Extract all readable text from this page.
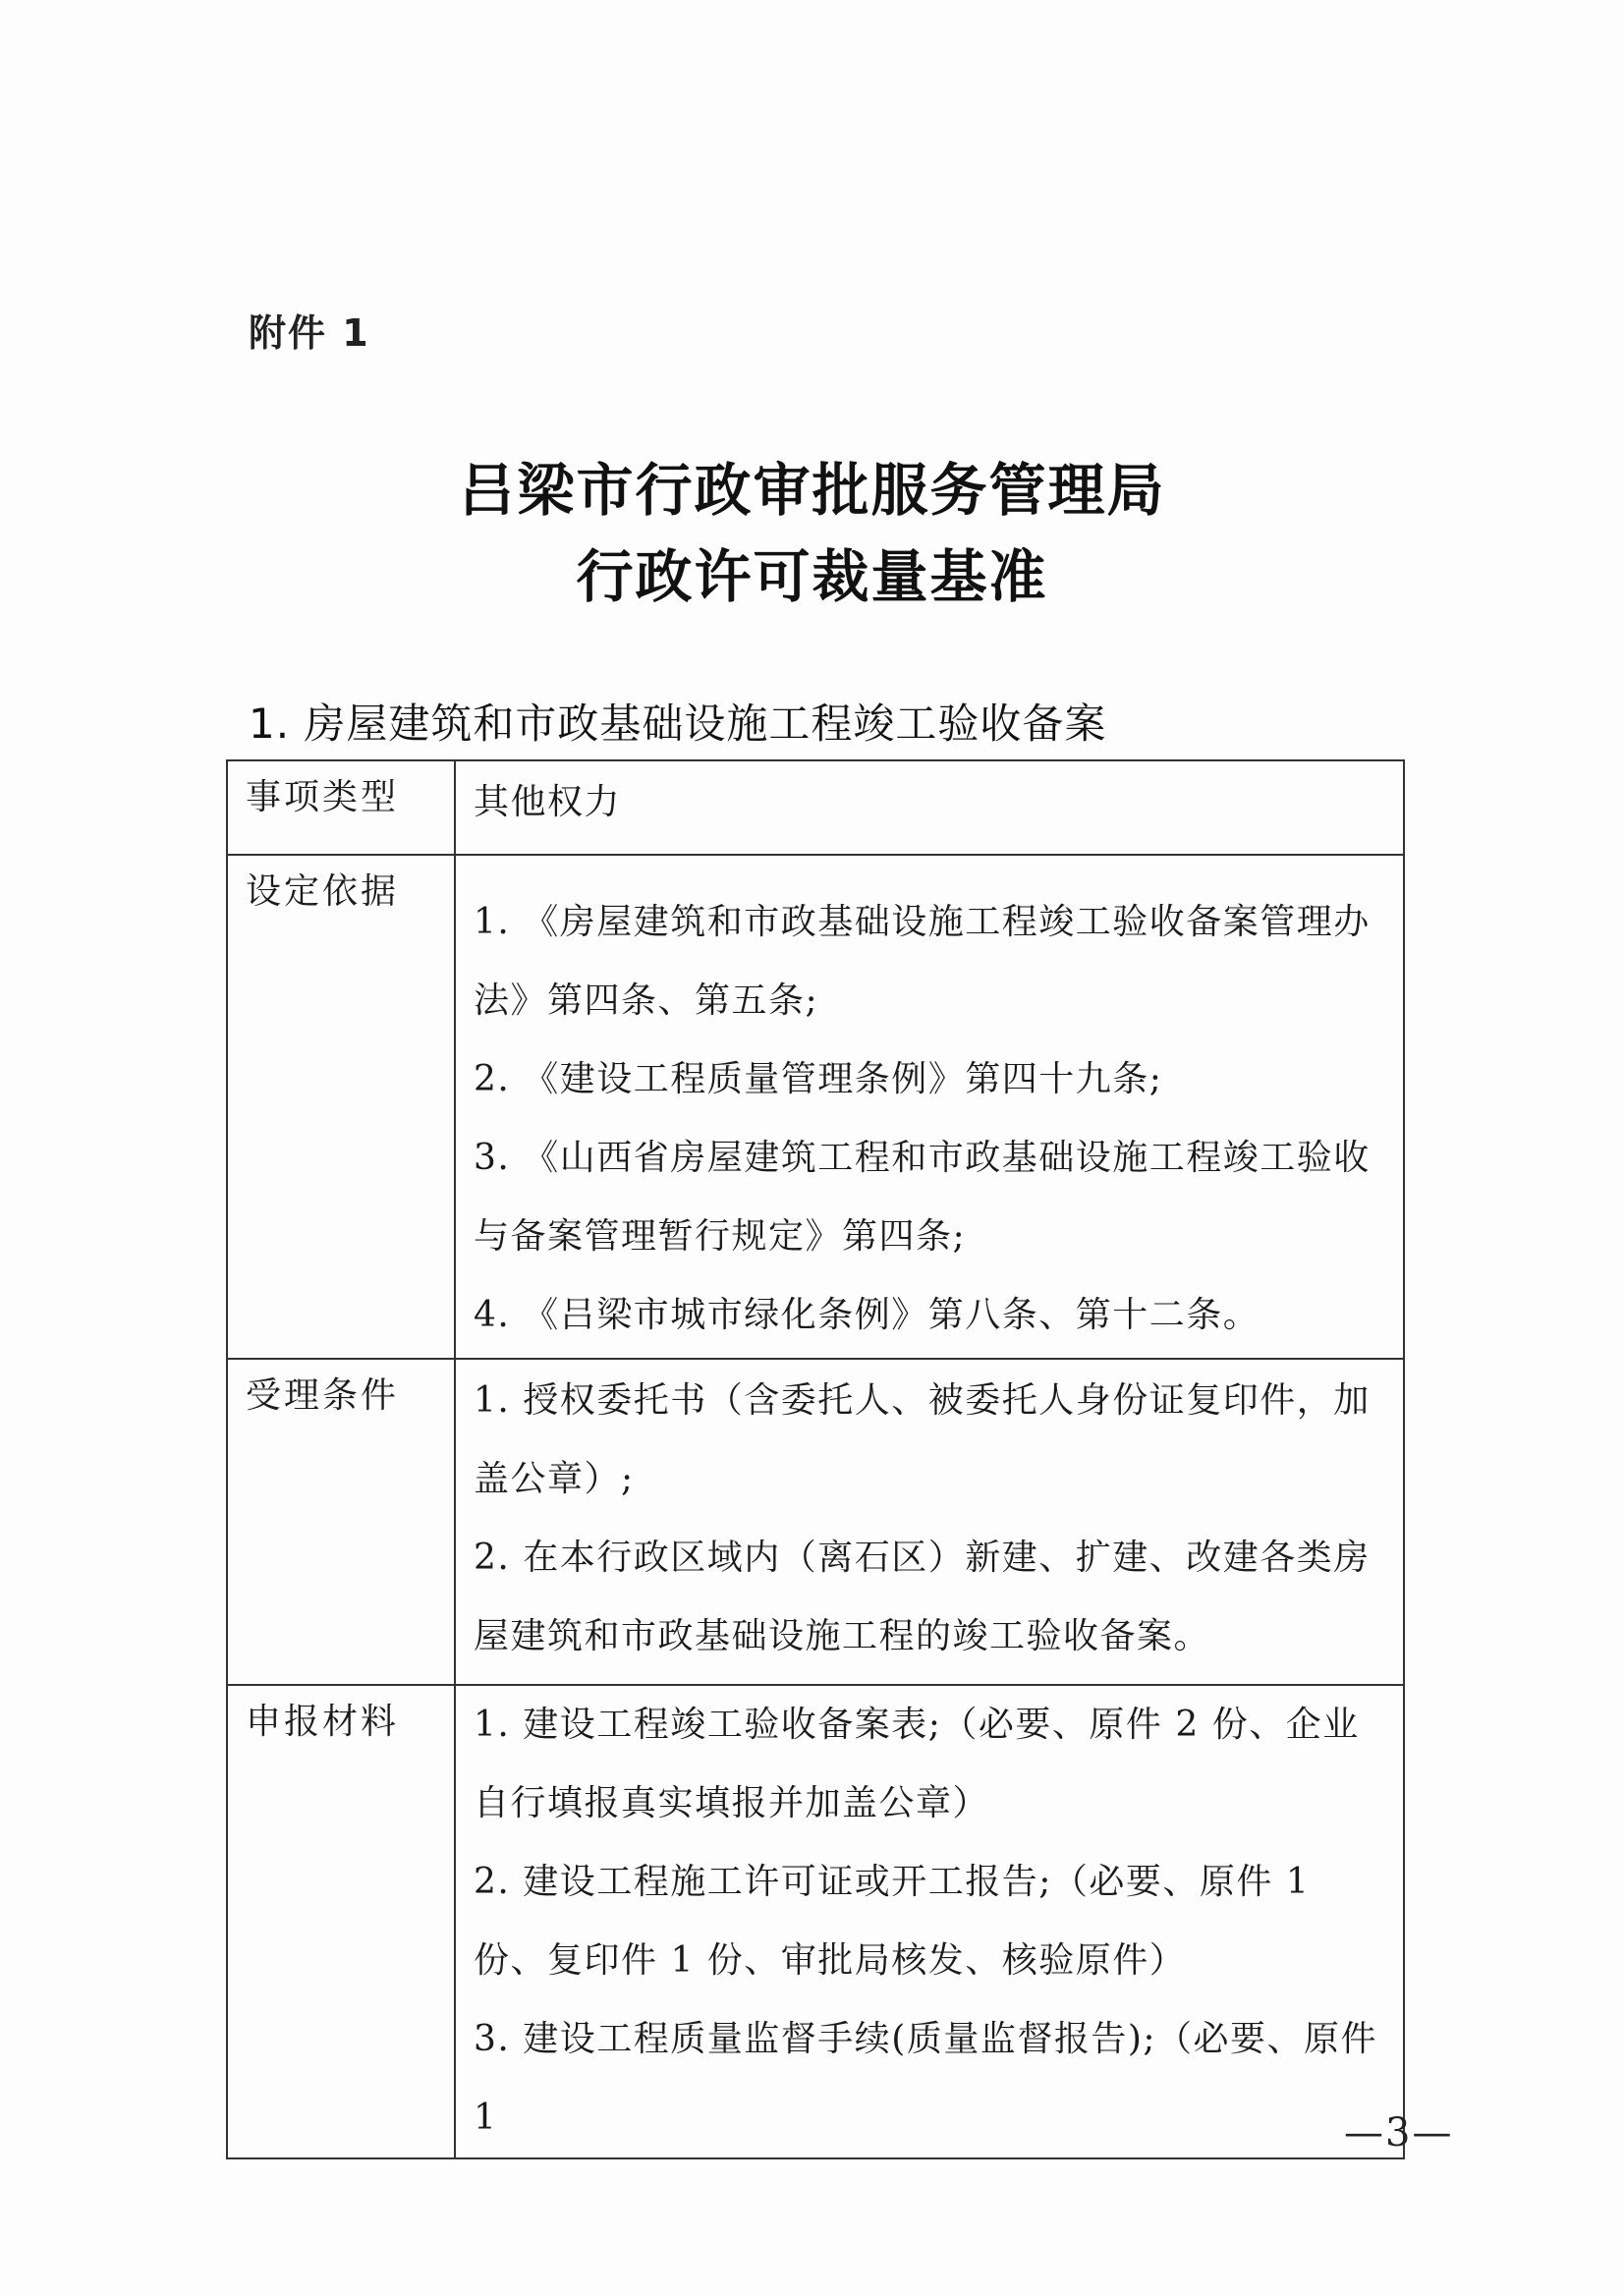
附件 1
吕梁市行政审批服务管理局
行政许可裁量基准
1. 房屋建筑和市政基础设施工程竣工验收备案
事项类型	其他权力
设定依据	1. 《房屋建筑和市政基础设施工程竣工验收备案管理办法》第四条、第五条;
2. 《建设工程质量管理条例》第四十九条;
3. 《山西省房屋建筑工程和市政基础设施工程竣工验收与备案管理暂行规定》第四条;
4. 《吕梁市城市绿化条例》第八条、第十二条。

受理条件	1. 授权委托书（含委托人、被委托人身份证复印件，加盖公章）;
2. 在本行政区域内（离石区）新建、扩建、改建各类房屋建筑和市政基础设施工程的竣工验收备案。

申报材料	1. 建设工程竣工验收备案表;（必要、原件 2 份、企业自行填报真实填报并加盖公章）
2. 建设工程施工许可证或开工报告;（必要、原件 1 份、复印件 1 份、审批局核发、核验原件）
3. 建设工程质量监督手续(质量监督报告);（必要、原件 1	—3—
